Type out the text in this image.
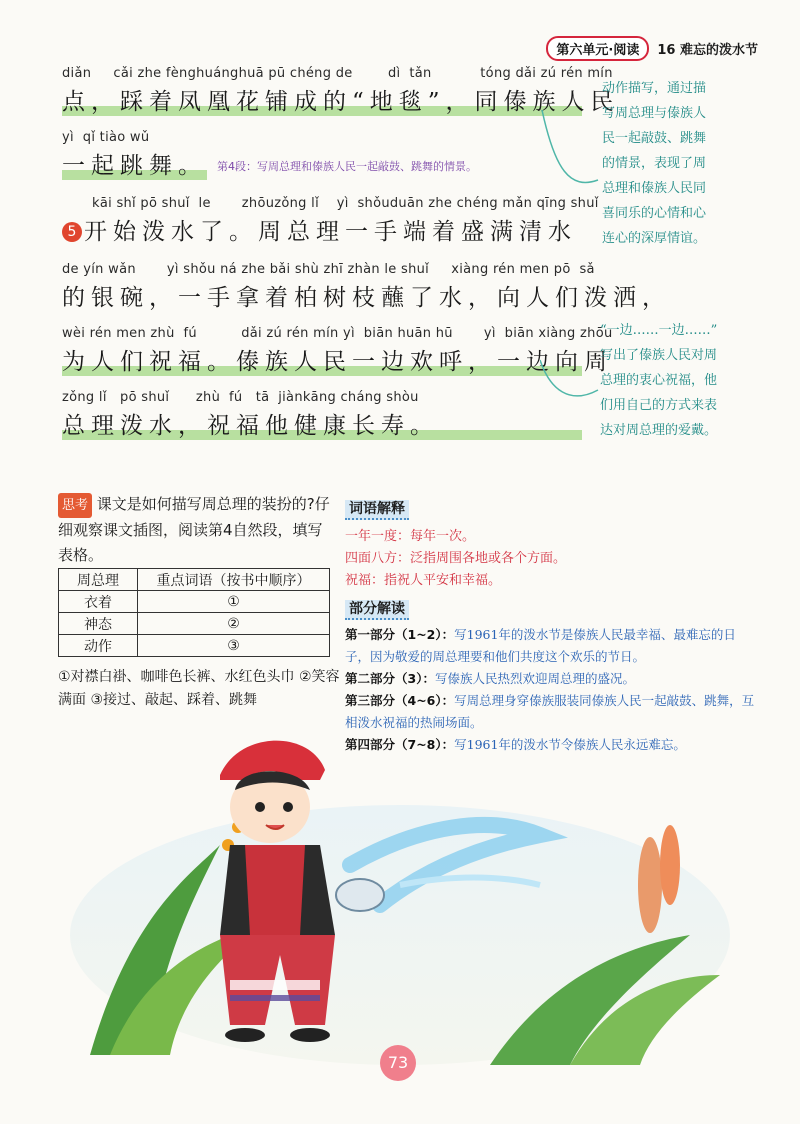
第六单元·阅读	16 难忘的泼水节
diǎn     cǎi zhe fènghuánghuā pū chéng de        dì  tǎn           tóng dǎi zú rén mín
点，踩着凤凰花铺成的“地毯”，同傣族人民
yì  qǐ tiào wǔ
一起跳舞。 第4段：写周总理和傣族人民一起敲鼓、跳舞的情景。
kāi shǐ pō shuǐ  le       zhōuzǒng lǐ    yì  shǒuduān zhe chéng mǎn qīng shuǐ
5 开始泼水了。周总理一手端着盛满清水
de yín wǎn       yì shǒu ná zhe bǎi shù zhī zhàn le shuǐ     xiàng rén men pō  sǎ
的银碗，一手拿着柏树枝蘸了水，向人们泼洒，
wèi rén men zhù  fú          dǎi zú rén mín yì  biān huān hū       yì  biān xiàng zhōu
为人们祝福。傣族人民一边欢呼，一边向周
zǒng lǐ   pō shuǐ      zhù  fú   tā  jiànkāng cháng shòu
总理泼水，祝福他健康长寿。
动作描写，通过描
写周总理与傣族人
民一起敲鼓、跳舞
的情景，表现了周
总理和傣族人民同
喜同乐的心情和心
连心的深厚情谊。
“一边……一边……”
写出了傣族人民对周
总理的衷心祝福，他
们用自己的方式来表
达对周总理的爱戴。
思考 课文是如何描写周总理的装扮的?仔细观察课文插图，阅读第4自然段，填写表格。
周总理	重点词语（按书中顺序）
衣着	①
神态	②
动作	③
①对襟白褂、咖啡色长裤、水红色头巾 ②笑容满面 ③接过、敲起、踩着、跳舞
词语解释
一年一度：每年一次。
四面八方：泛指周围各地或各个方面。
祝福：指祝人平安和幸福。
部分解读
第一部分（1~2）：写1961年的泼水节是傣族人民最幸福、最难忘的日子，因为敬爱的周总理要和他们共度这个欢乐的节日。
第二部分（3）：写傣族人民热烈欢迎周总理的盛况。
第三部分（4~6）：写周总理身穿傣族服装同傣族人民一起敲鼓、跳舞，互相泼水祝福的热闹场面。
第四部分（7~8）：写1961年的泼水节令傣族人民永远难忘。
73
